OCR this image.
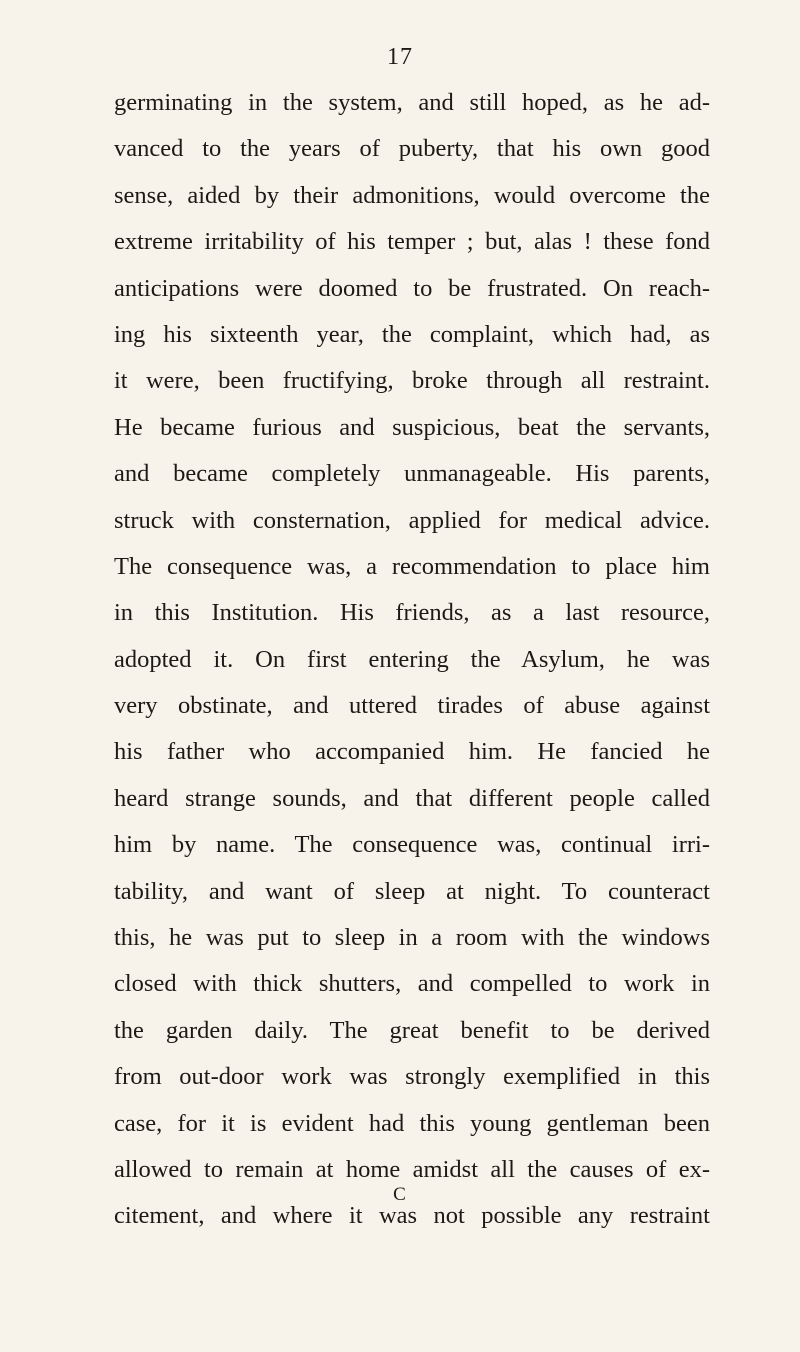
17
germinating in the system, and still hoped, as he ad-
vanced to the years of puberty, that his own good
sense, aided by their admonitions, would overcome the
extreme irritability of his temper ; but, alas ! these fond
anticipations were doomed to be frustrated. On reach-
ing his sixteenth year, the complaint, which had, as
it were, been fructifying, broke through all restraint.
He became furious and suspicious, beat the servants,
and became completely unmanageable. His parents,
struck with consternation, applied for medical advice.
The consequence was, a recommendation to place him
in this Institution. His friends, as a last resource,
adopted it. On first entering the Asylum, he was
very obstinate, and uttered tirades of abuse against
his father who accompanied him. He fancied he
heard strange sounds, and that different people called
him by name. The consequence was, continual irri-
tability, and want of sleep at night. To counteract
this, he was put to sleep in a room with the windows
closed with thick shutters, and compelled to work in
the garden daily. The great benefit to be derived
from out-door work was strongly exemplified in this
case, for it is evident had this young gentleman been
allowed to remain at home amidst all the causes of ex-
citement, and where it was not possible any restraint
C
